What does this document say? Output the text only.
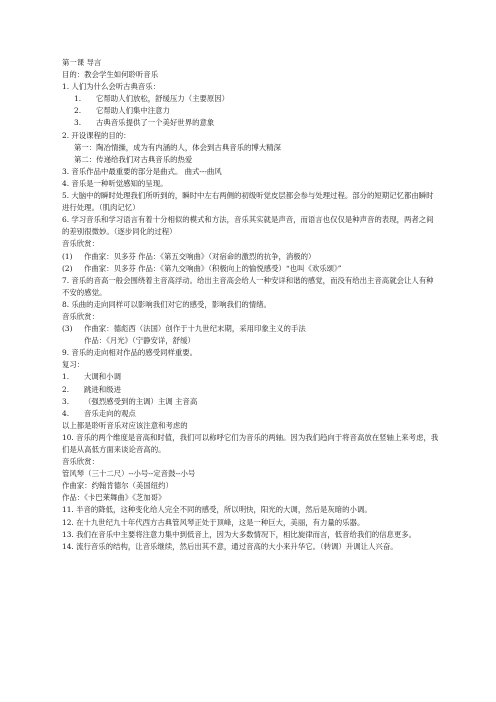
第一课 导言
目的：教会学生如何聆听音乐
1. 人们为什么会听古典音乐：
1. 它帮助人们放松，舒缓压力（主要原因）
2. 它帮助人们集中注意力
3. 古典音乐提供了一个美好世界的意象
2. 开设课程的目的：
第一：陶冶情操，成为有内涵的人，体会到古典音乐的博大精深
第二：传递给我们对古典音乐的热爱
3. 音乐作品中最重要的部分是曲式。 曲式---曲风
4. 音乐是一种听觉感知的呈现。
5. 大脑中的瞬时处理我们所听到的，瞬时中左右两侧的初级听觉皮层都会参与处理过程。部分的短期记忆都由瞬时进行处理。（肌肉记忆）
6. 学习音乐和学习语言有着十分相似的模式和方法，音乐其实就是声音，而语言也仅仅是种声音的表现，两者之间的差别很微妙。（逐步同化的过程）
音乐欣赏：
(1) 作曲家：贝多芬 作品：《第五交响曲》（对宿命的激烈的抗争，消极的）
(2) 作曲家：贝多芬 作品：《第九交响曲》（积极向上的愉悦感受）“也叫《欢乐颂》”
7. 音乐的音高一般会围绕着主音高浮动。给出主音高会给人一种安详和谐的感觉，而没有给出主音高就会让人有种不安的感觉。
8. 乐曲的走向同样可以影响我们对它的感受，影响我们的情绪。
音乐欣赏：
(3) 作曲家：德彪西（法国）创作于十九世纪末期，采用印象主义的手法
作品：《月光》（宁静安详，舒缓）
9. 音乐的走向相对作品的感受同样重要。
复习：
1. 大调和小调
2. 跳进和级进
3. （强烈感受到的主调）主调 主音高
4. 音乐走向的观点
以上都是聆听音乐对应该注意和考虑的
10. 音乐的两个维度是音高和时值，我们可以称呼它们为音乐的两轴。因为我们趋向于将音高放在竖轴上来考虑，我们是从高低方面来谈论音高的。
音乐欣赏：
管风琴（三十二尺）--小号--定音鼓--小号
作曲家：约翰肯德尔（美国纽约）
作品：《卡巴莱舞曲》《芝加哥》
11. 半音的降低，这种变化给人完全不同的感受，所以明快，阳光的大调，然后是灰暗的小调。
12. 在十九世纪九十年代西方古典管风琴正处于顶峰，这是一种巨大，美丽，有力量的乐器。
13. 我们在音乐中主要将注意力集中到低音上，因为大多数情况下，相比旋律而言，低音给我们的信息更多。
14. 流行音乐的结构，让音乐继续，然后出其不意，通过音高的大小来升华它。（转调）升调让人兴奋。
